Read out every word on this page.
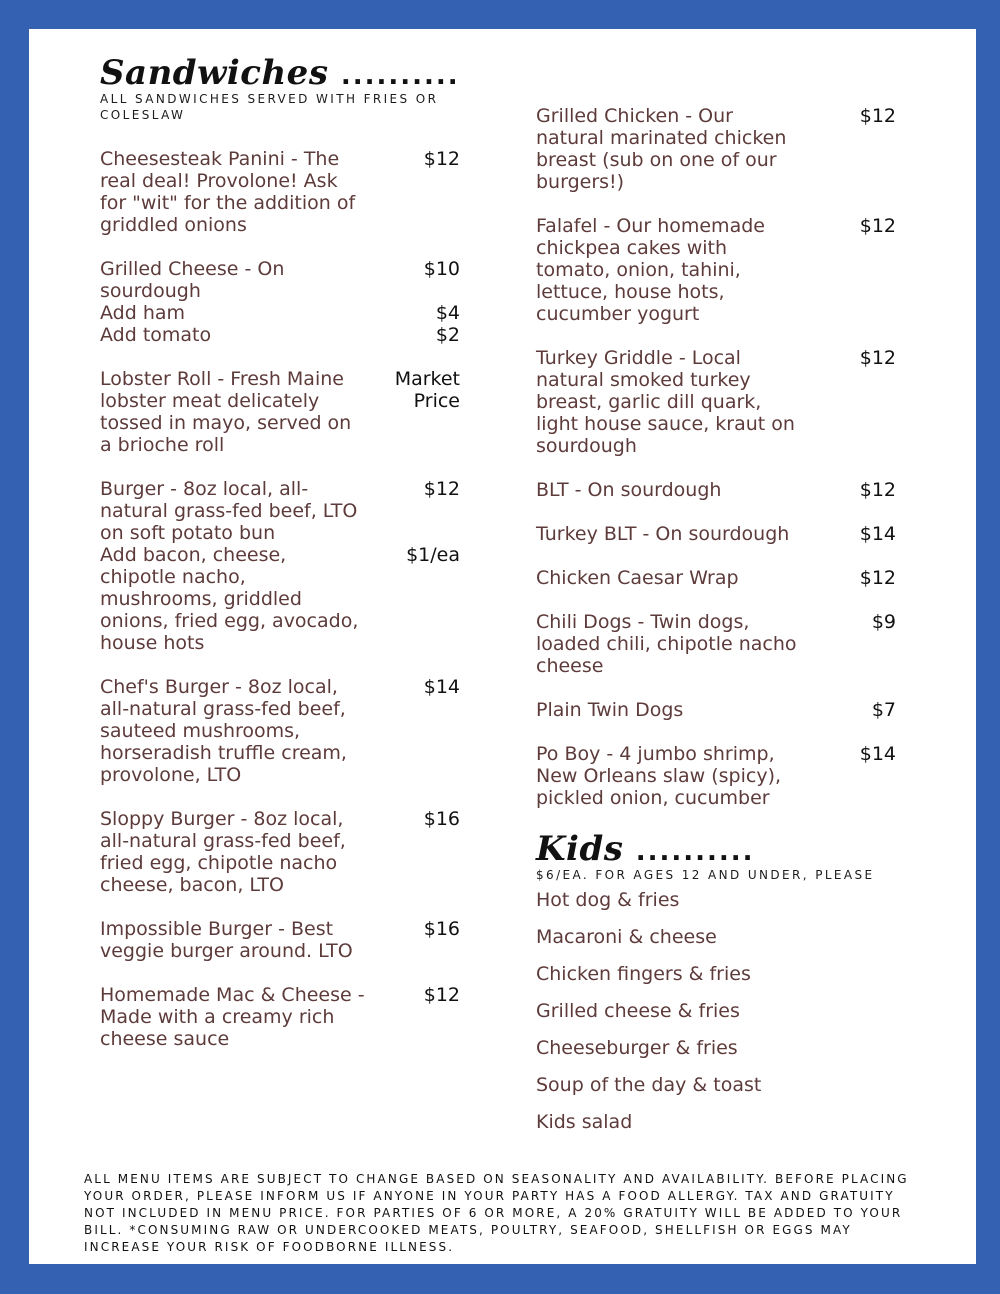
Sandwiches ..........
ALL SANDWICHES SERVED WITH FRIES OR COLESLAW
Cheesesteak Panini - The real deal! Provolone! Ask for "wit" for the addition of griddled onions
$12
Grilled Cheese - On sourdough
$10
Add ham	$4
Add tomato	$2
Lobster Roll - Fresh Maine lobster meat delicately tossed in mayo, served on a brioche roll
Market
Price
Burger - 8oz local, all-natural grass-fed beef, LTO on soft potato bun
$12
Add bacon, cheese, chipotle nacho, mushrooms, griddled onions, fried egg, avocado, house hots
$1/ea
Chef's Burger - 8oz local, all-natural grass-fed beef, sauteed mushrooms, horseradish truffle cream, provolone, LTO
$14
Sloppy Burger - 8oz local, all-natural grass-fed beef, fried egg, chipotle nacho cheese, bacon, LTO
$16
Impossible Burger - Best veggie burger around. LTO
$16
Homemade Mac & Cheese - Made with a creamy rich cheese sauce
$12
Grilled Chicken - Our natural marinated chicken breast (sub on one of our burgers!)
$12
Falafel - Our homemade chickpea cakes with tomato, onion, tahini, lettuce, house hots, cucumber yogurt
$12
Turkey Griddle - Local natural smoked turkey breast, garlic dill quark, light house sauce, kraut on sourdough
$12
BLT - On sourdough	$12
Turkey BLT - On sourdough	$14
Chicken Caesar Wrap	$12
Chili Dogs - Twin dogs, loaded chili, chipotle nacho cheese
$9
Plain Twin Dogs	$7
Po Boy - 4 jumbo shrimp, New Orleans slaw (spicy), pickled onion, cucumber
$14
Kids ..........
$6/EA. FOR AGES 12 AND UNDER, PLEASE
Hot dog & fries
Macaroni & cheese
Chicken fingers & fries
Grilled cheese & fries
Cheeseburger & fries
Soup of the day & toast
Kids salad
ALL MENU ITEMS ARE SUBJECT TO CHANGE BASED ON SEASONALITY AND AVAILABILITY. BEFORE PLACING YOUR ORDER, PLEASE INFORM US IF ANYONE IN YOUR PARTY HAS A FOOD ALLERGY. TAX AND GRATUITY NOT INCLUDED IN MENU PRICE. FOR PARTIES OF 6 OR MORE, A 20% GRATUITY WILL BE ADDED TO YOUR BILL. *CONSUMING RAW OR UNDERCOOKED MEATS, POULTRY, SEAFOOD, SHELLFISH OR EGGS MAY INCREASE YOUR RISK OF FOODBORNE ILLNESS.
